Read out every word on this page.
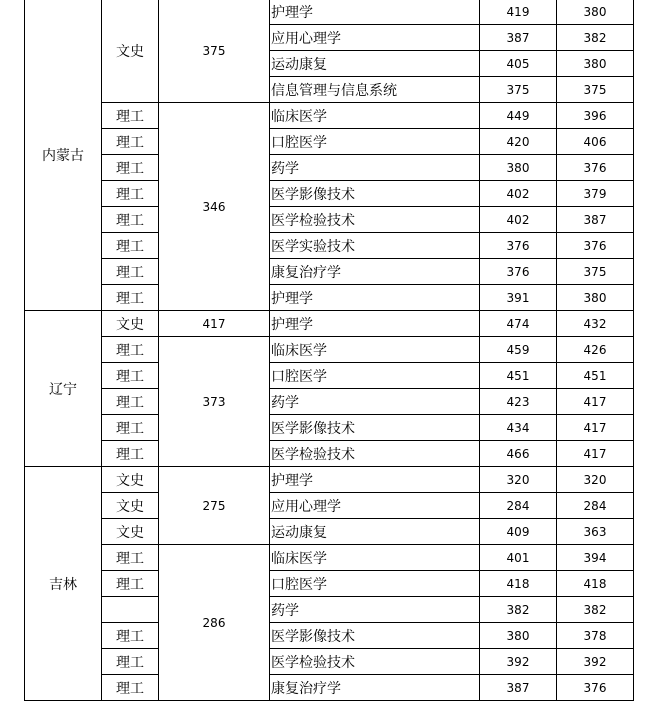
内蒙古	文史	375	护理学	419	380
			应用心理学	387	382
			运动康复	405	380
			信息管理与信息系统	375	375
	理工	346	临床医学	449	396
	理工		口腔医学	420	406
	理工		药学	380	376
	理工		医学影像技术	402	379
	理工		医学检验技术	402	387
	理工		医学实验技术	376	376
	理工		康复治疗学	376	375
	理工		护理学	391	380
辽宁	文史	417	护理学	474	432
	理工	373	临床医学	459	426
	理工		口腔医学	451	451
	理工		药学	423	417
	理工		医学影像技术	434	417
	理工		医学检验技术	466	417
吉林	文史	275	护理学	320	320
	文史		应用心理学	284	284
	文史		运动康复	409	363
	理工	286	临床医学	401	394
	理工		口腔医学	418	418
			药学	382	382
	理工		医学影像技术	380	378
	理工		医学检验技术	392	392
	理工		康复治疗学	387	376
